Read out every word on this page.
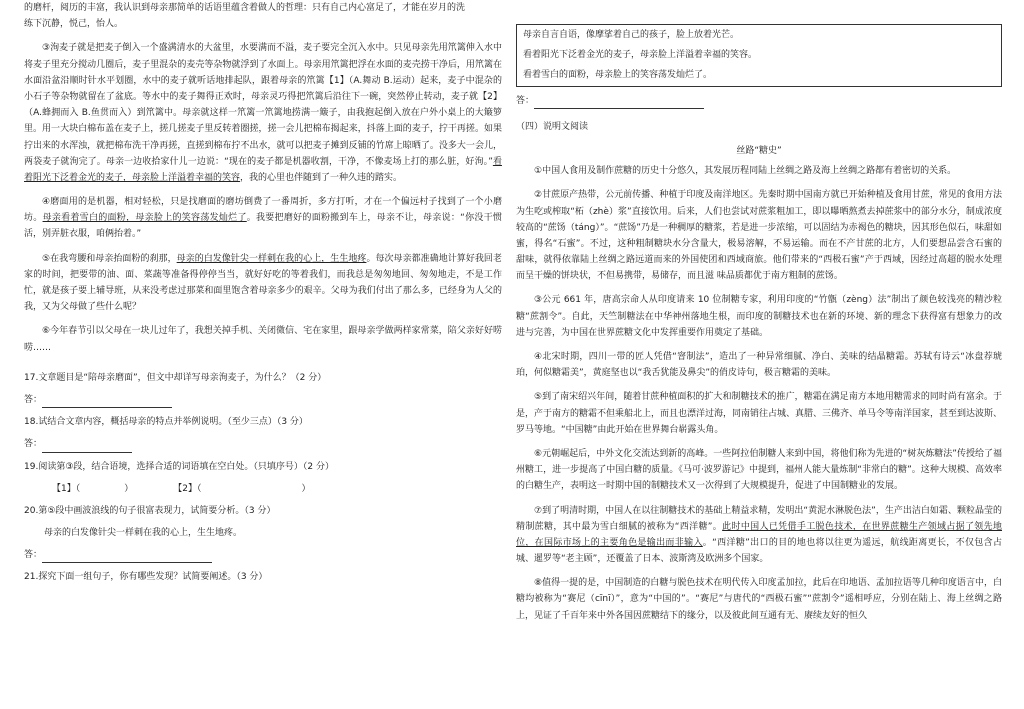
的磨杆，阅历的丰富，我认识到母亲那简单的话语里蕴含着做人的哲理：只有自己内心富足了，才能在岁月的洗

练下沉静，悦己，怡人。

③洵麦子就是把麦子倒入一个盛满清水的大盆里，水要满而不溢，麦子要完全沉入水中。只见母亲先用笊篱伸入水中将麦子里充分搅动几圈后，麦子里混杂的麦壳等杂物就浮到了水面上。母亲用笊篱把浮在水面的麦壳捞干净后，用笊篱在水面沿盆沿顺时针水平划圈，水中的麦子就听话地排起队，跟着母亲的笊篱【1】（A.舞动 B.运动）起来，麦子中混杂的小石子等杂物就留在了盆底。等水中的麦子舞得正欢时，母亲灵巧得把笊篱后沿往下一碗，突然停止转动，麦子就【2】（A.蜂拥而入 B.鱼贯而入）到笊篱中。母亲就这样一笊篱一笊篱地捞满一簸子，由我抱起倒入放在户外小桌上的大簸箩里。用一大块白棉布盖在麦子上，搓几搓麦子里反转着圈搓，搓一会儿把棉布揭起来，抖落上面的麦子，拧干再搓。如果拧出来的水浑浊，就把棉布洗干净再搓，直搓到棉布拧不出水，就可以把麦子摊到反铺的竹席上晾晒了。没多大一会儿，两袋麦子就洵完了。母亲一边收拾家什儿一边说：“现在的麦子都是机器收割，干净，不像麦场上打的那么脏，好洵。”看着阳光下泛着金光的麦子，母亲脸上洋溢着幸福的笑容，我的心里也伴随到了一种久违的踏实。

④磨面用的是机器，相对轻松，只是找磨面的磨坊倒费了一番周折，多方打听，才在一个偏远村子找到了一个小磨坊。母亲看着雪白的面粉，母亲脸上的笑容荡发灿烂了。我要把磨好的面粉搬到车上，母亲不让，母亲说：“你没干惯活，别弄脏衣服，咱俩抬着。”

⑤在我弯腰和母亲抬面粉的刹那，母亲的白发像针尖一样刺在我的心上，生生地疼。每次母亲都准确地计算好我回老家的时间，把要带的油、面、菜蔬等准备得停停当当，就好好吃的等着我们，而我总是匆匆地回、匆匆地走，不是工作忙，就是孩子要上辅导班，从来没考虑过那菜和面里饱含着母亲多少的艰辛。父母为我们付出了那么多，已经身为人父的我，又为父母做了些什么呢？

⑥今年春节引以父母在一块儿过年了，我想关掉手机、关闭微信、宅在家里，跟母亲学做两样家常菜，陪父亲好好唠唠……

17.文章题目是“陪母亲磨面”，但文中却详写母亲洵麦子，为什么？（2 分）

答：

18.试结合文章内容，概括母亲的特点并举例说明。（至少三点）（3 分）

答：

19.阅读第③段，结合语境，选择合适的词语填在空白处。（只填序号）（2 分）

【1】（	）	【2】（	）

20.第⑤段中画波浪线的句子很富表现力，试简要分析。（3 分）

母亲的白发像针尖一样刺在我的心上，生生地疼。

答：

21.探究下面一组句子，你有哪些发现？试简要阐述。（3 分）

母亲自言自语，像摩挲着自己的孩子，脸上放着光芒。

看着阳光下泛着金光的麦子，母亲脸上洋溢着幸福的笑容。

看着雪白的面粉，母亲脸上的笑容荡发灿烂了。

答：

（四）说明文阅读

丝路“糖史”

①中国人食用及制作蔗糖的历史十分悠久，其发展历程同陆上丝绸之路及海上丝绸之路都有着密切的关系。

②甘蔗原产热带，公元前传播、种植于印度及南洋地区。先秦时期中国南方就已开始种植及食用甘蔗，常见的食用方法为生吃或榨取“柘（zhè）浆”直接饮用。后来，人们也尝试对蔗浆粗加工，即以曝晒熬煮去掉蔗浆中的部分水分，制成浓度较高的“蔗饧（táng）”。“蔗饧”乃是一种稠厚的糖浆，若是进一步浓缩，可以固结为赤褐色的糖块，因其形色似石，味甜如蜜，得名“石蜜”。不过，这种粗制糖块水分含量大，极易溶解，不易运输。而在不产甘蔗的北方，人们要想品尝含石蜜的甜味，就得依靠陆上丝绸之路远道而来的外国使团和西域商旅。他们带来的“西极石蜜”产于西域，因经过高超的脱水处理而呈干燥的饼块状，不但易携带，易储存，而且滋 味品质都优于南方粗制的蔗饧。

③公元 661 年，唐高宗命人从印度请来 10 位制糖专家，利用印度的“竹甑（zèng）法”制出了颜色较浅亮的精沙粒糖“蔗割令”。自此，天竺制糖法在中华神州落地生根，而印度的制糖技术也在新的环境、新的理念下获得富有想象力的改进与完善，为中国在世界蔗糖文化中发挥重要作用奠定了基础。

④北宋时期，四川一带的匠人凭借“窨制法”，造出了一种异常细腻、净白、美味的结晶糖霜。苏轼有诗云“冰盘荐琥珀，何似糖霜美”，黄庭坚也以“我舌犹能及鼻尖”的俏皮诗句，极言糖霜的美味。

⑤到了南宋绍兴年间，随着甘蔗种植面积的扩大和制糖技术的推广，糖霜在满足南方本地用糖需求的同时尚有富余。于是，产于南方的糖霜不但乘船北上，而且也漂洋过海，同南销往占城、真腊、三佛齐、单马令等南洋国家，甚至到达波斯、罗马等地。“中国糖”由此开始在世界舞台崭露头角。

⑥元朝崛起后，中外文化交流达到新的高峰。一些阿拉伯制糖人来到中国，将他们称为先进的“树灰炼糖法”传授给了福州糖工，进一步提高了中国白糖的质量。《马可·波罗游记》中提到，福州人能大量炼制“非常白的糖”。这种大规模、高效率的白糖生产，表明这一时期中国的制糖技术又一次得到了大规模提升，促进了中国制糖业的发展。

⑦到了明清时期，中国人在以往制糖技术的基础上精益求精，发明出“黄泥水淋脱色法”，生产出洁白如霜、颗粒晶莹的精制蔗糖，其中最为雪白细腻的被称为“西洋糖”。此时中国人已凭借手工脱色技术，在世界蔗糖生产领域占据了领先地位，在国际市场上的主要角色是输出而非输入。“西洋糖”出口的目的地也将以往更为遥远，航线距离更长，不仅包含占城、暹罗等“老主顾”，还覆盖了日本、波斯湾及欧洲多个国家。

⑧值得一提的是，中国制造的白糖与脱色技术在明代传入印度孟加拉，此后在印地语、孟加拉语等几种印度语言中，白糖均被称为“赛尼（cīnī）”，意为“中国的”。“赛尼”与唐代的“西极石蜜”“蔗割令”遥相呼应，分别在陆上、海上丝绸之路上，见证了千百年来中外各国因蔗糖结下的缘分，以及彼此间互通有无、赓续友好的恒久
